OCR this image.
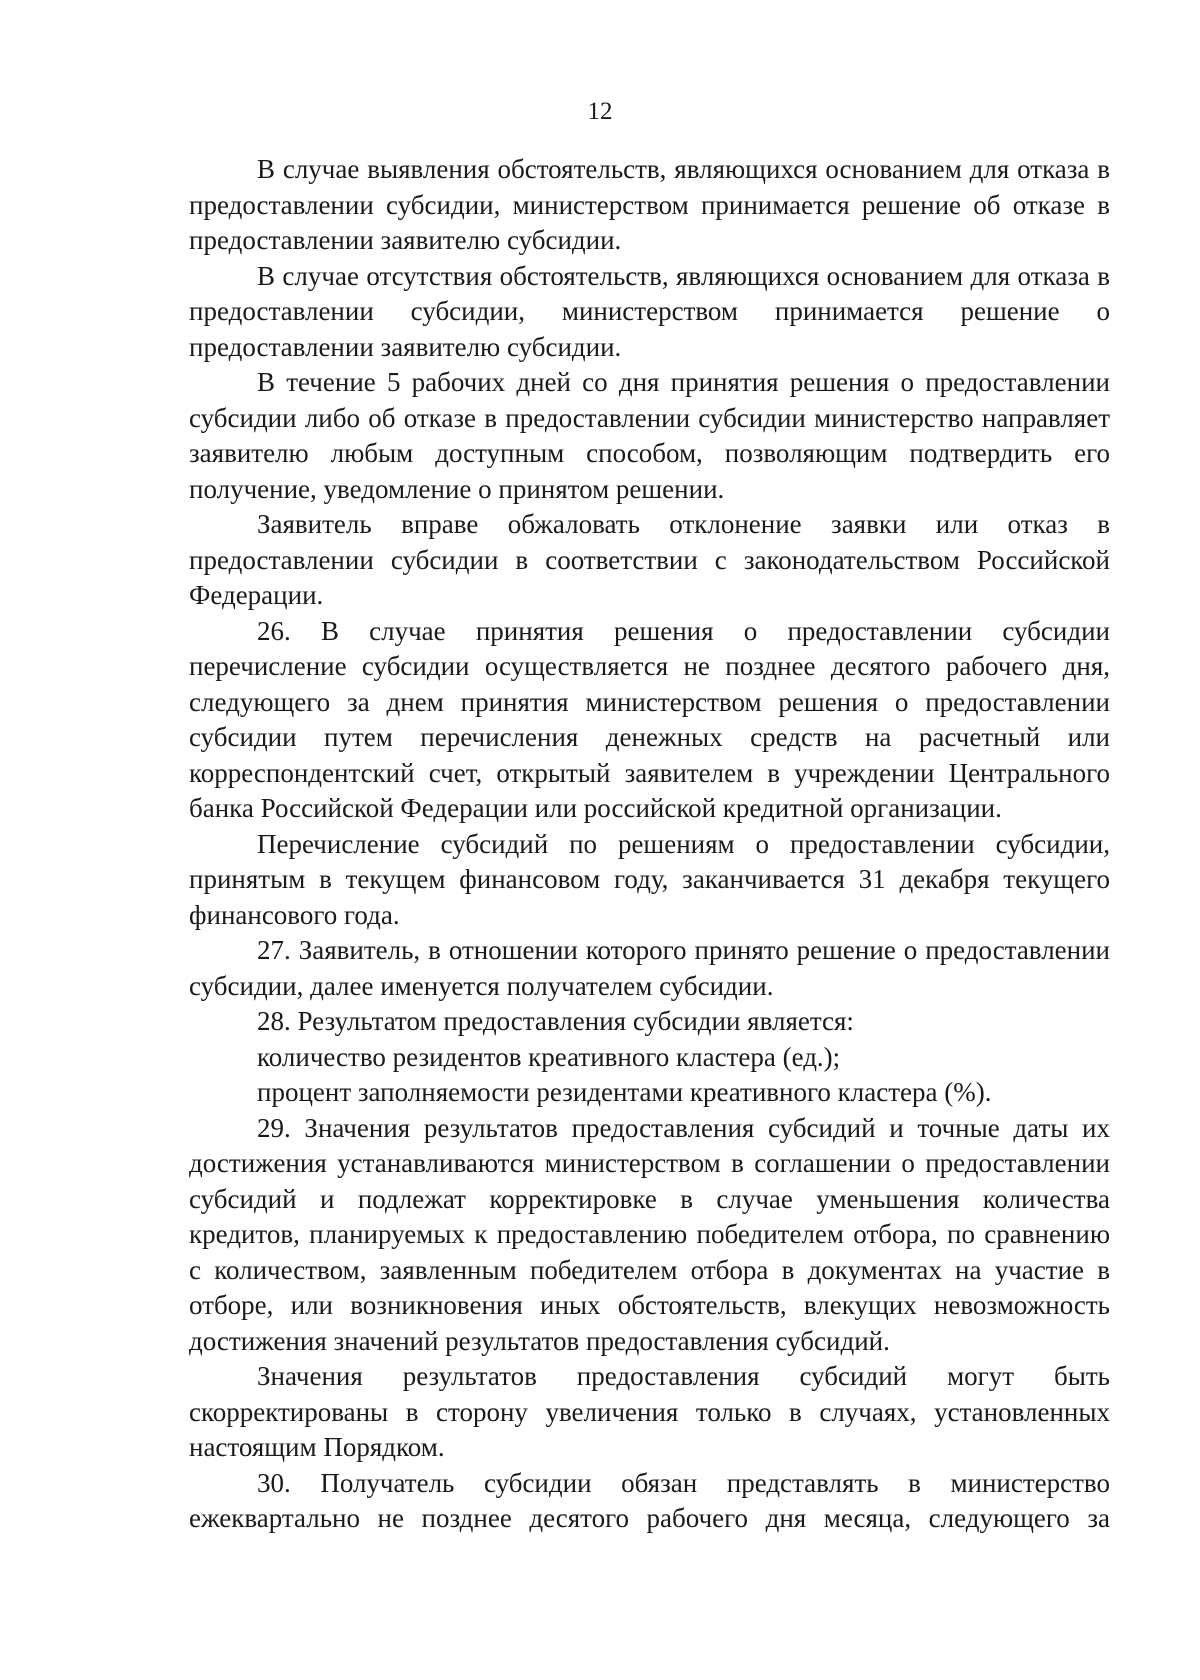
12

В случае выявления обстоятельств, являющихся основанием для отказа в предоставлении субсидии, министерством принимается решение об отказе в предоставлении заявителю субсидии.

В случае отсутствия обстоятельств, являющихся основанием для отказа в предоставлении субсидии, министерством принимается решение о предоставлении заявителю субсидии.

В течение 5 рабочих дней со дня принятия решения о предоставлении субсидии либо об отказе в предоставлении субсидии министерство направляет заявителю любым доступным способом, позволяющим подтвердить его получение, уведомление о принятом решении.

Заявитель вправе обжаловать отклонение заявки или отказ в предоставлении субсидии в соответствии с законодательством Российской Федерации.

26. В случае принятия решения о предоставлении субсидии перечисление субсидии осуществляется не позднее десятого рабочего дня, следующего за днем принятия министерством решения о предоставлении субсидии путем перечисления денежных средств на расчетный или корреспондентский счет, открытый заявителем в учреждении Центрального банка Российской Федерации или российской кредитной организации.

Перечисление субсидий по решениям о предоставлении субсидии, принятым в текущем финансовом году, заканчивается 31 декабря текущего финансового года.

27. Заявитель, в отношении которого принято решение о предоставлении субсидии, далее именуется получателем субсидии.

28. Результатом предоставления субсидии является:

количество резидентов креативного кластера (ед.);

процент заполняемости резидентами креативного кластера (%).

29. Значения результатов предоставления субсидий и точные даты их достижения устанавливаются министерством в соглашении о предоставлении субсидий и подлежат корректировке в случае уменьшения количества кредитов, планируемых к предоставлению победителем отбора, по сравнению с количеством, заявленным победителем отбора в документах на участие в отборе, или возникновения иных обстоятельств, влекущих невозможность достижения значений результатов предоставления субсидий.

Значения результатов предоставления субсидий могут быть скорректированы в сторону увеличения только в случаях, установленных настоящим Порядком.

30. Получатель субсидии обязан представлять в министерство ежеквартально не позднее десятого рабочего дня месяца, следующего за
